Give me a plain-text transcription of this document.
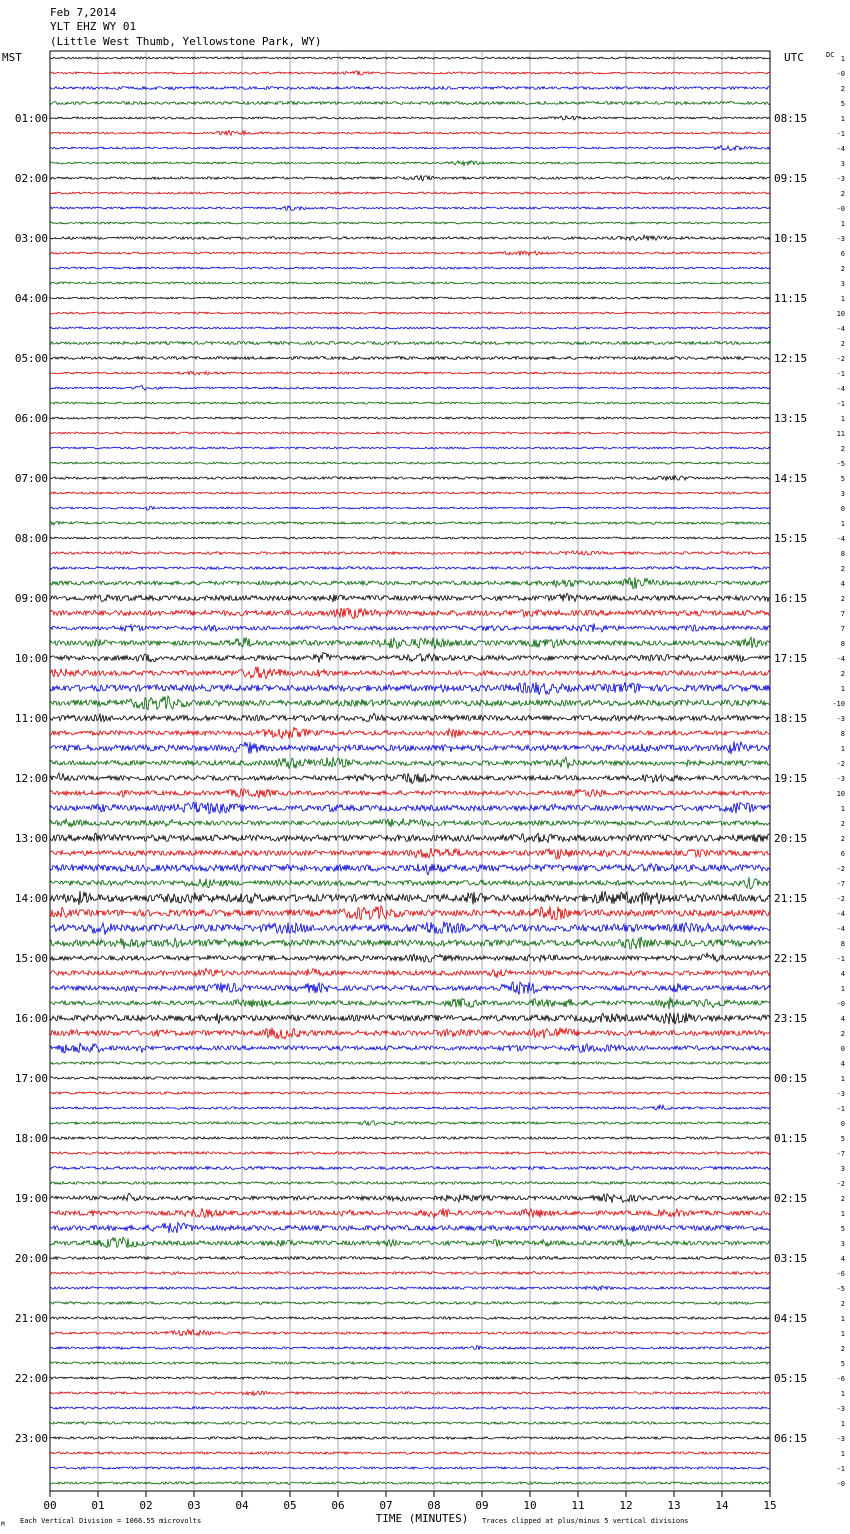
Feb 7,2014
YLT EHZ WY 01
(Little West Thumb, Yellowstone Park, WY)
MST	UTC	DC
01:00	08:15
02:00	09:15
03:00	10:15
04:00	11:15
05:00	12:15
06:00	13:15
07:00	14:15
08:00	15:15
09:00	16:15
10:00	17:15
11:00	18:15
12:00	19:15
13:00	20:15
14:00	21:15
15:00	22:15
16:00	23:15
17:00	00:15
18:00	01:15
19:00	02:15
20:00	03:15
21:00	04:15
22:00	05:15
23:00	06:15
1
-0
2
5
1
-1
-4
3
-3
2
-0
1
-3
6
2
3
1
10
-4
2
-2
-1
-4
-1
1
11
2
-5
5
3
0
1
-4
8
2
4
2
7
7
8
-4
2
1
-10
-3
8
1
-2
-3
10
1
2
2
6
-2
-7
-2
-4
-4
8
-1
4
1
-0
4
2
0
4
1
-3
-1
0
5
-7
3
-2
2
1
5
3
4
-6
-5
2
1
1
2
5
-6
1
-3
1
-3
1
-1
-0
00	01	02	03	04	05	06	07	08	09	10	11	12	13	14	15
TIME (MINUTES)
Each Vertical Division = 1066.55 microvolts	Traces clipped at plus/minus 5 vertical divisions
M
